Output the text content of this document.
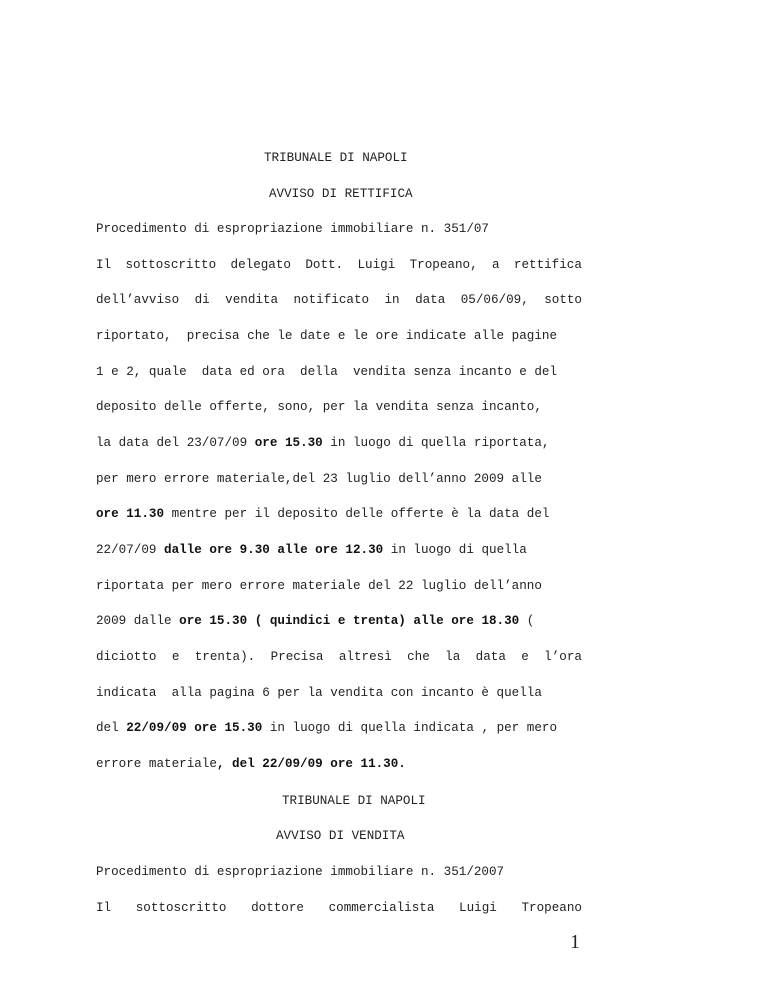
TRIBUNALE DI NAPOLI
AVVISO DI RETTIFICA
Procedimento di espropriazione immobiliare n. 351/07
Il sottoscritto delegato Dott. Luigi Tropeano, a rettifica
dell’avviso di vendita notificato in data 05/06/09, sotto
riportato,  precisa che le date e le ore indicate alle pagine
1 e 2, quale  data ed ora  della  vendita senza incanto e del
deposito delle offerte, sono, per la vendita senza incanto,
la data del 23/07/09 ore 15.30 in luogo di quella riportata,
per mero errore materiale,del 23 luglio dell’anno 2009 alle
ore 11.30 mentre per il deposito delle offerte è la data del
22/07/09 dalle ore 9.30 alle ore 12.30 in luogo di quella
riportata per mero errore materiale del 22 luglio dell’anno
2009 dalle ore 15.30 ( quindici e trenta) alle ore 18.30 (
diciotto e trenta). Precisa altresì che la data e l’ora
indicata  alla pagina 6 per la vendita con incanto è quella
del 22/09/09 ore 15.30 in luogo di quella indicata , per mero
errore materiale, del 22/09/09 ore 11.30.
TRIBUNALE DI NAPOLI
AVVISO DI VENDITA
Procedimento di espropriazione immobiliare n. 351/2007
Il sottoscritto dottore commercialista Luigi Tropeano
1
